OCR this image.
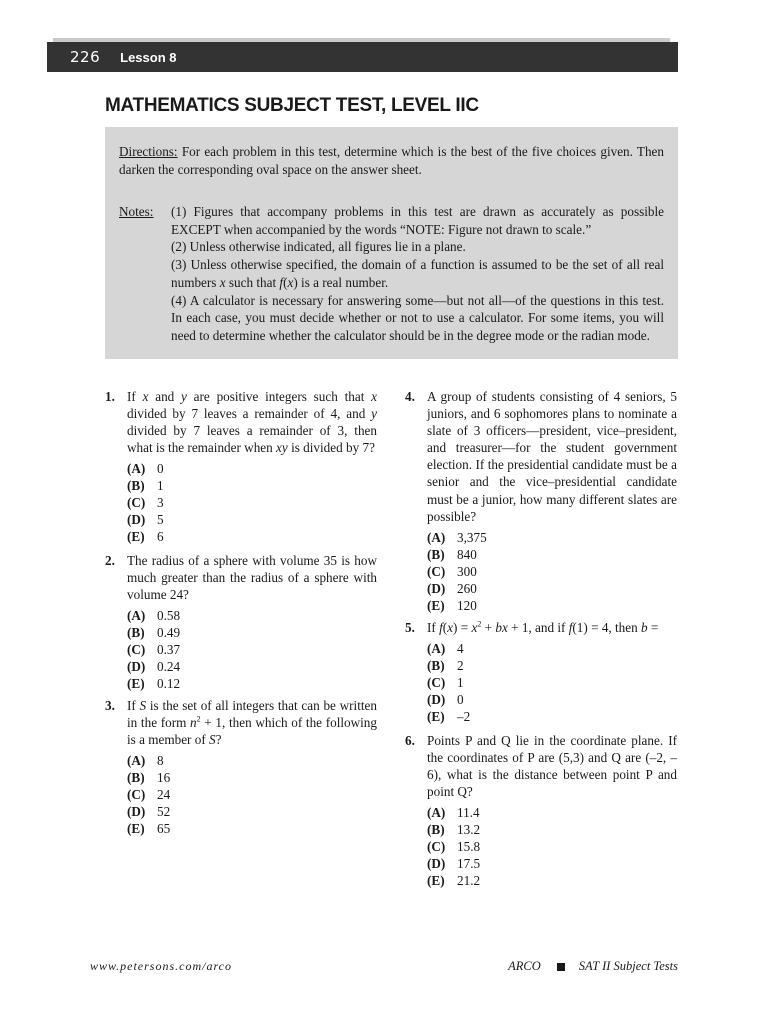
226 Lesson 8
MATHEMATICS SUBJECT TEST, LEVEL IIC
Directions: For each problem in this test, determine which is the best of the five choices given. Then darken the corresponding oval space on the answer sheet.
Notes: (1) Figures that accompany problems in this test are drawn as accurately as possible EXCEPT when accompanied by the words “NOTE: Figure not drawn to scale.”
(2) Unless otherwise indicated, all figures lie in a plane.
(3) Unless otherwise specified, the domain of a function is assumed to be the set of all real numbers x such that f(x) is a real number.
(4) A calculator is necessary for answering some—but not all—of the questions in this test. In each case, you must decide whether or not to use a calculator. For some items, you will need to determine whether the calculator should be in the degree mode or the radian mode.
1. If x and y are positive integers such that x divided by 7 leaves a remainder of 4, and y divided by 7 leaves a remainder of 3, then what is the remainder when xy is divided by 7?
(A) 0
(B) 1
(C) 3
(D) 5
(E) 6
2. The radius of a sphere with volume 35 is how much greater than the radius of a sphere with volume 24?
(A) 0.58
(B) 0.49
(C) 0.37
(D) 0.24
(E) 0.12
3. If S is the set of all integers that can be written in the form $n^2 + 1$, then which of the following is a member of S?
(A) 8
(B) 16
(C) 24
(D) 52
(E) 65
4. A group of students consisting of 4 seniors, 5 juniors, and 6 sophomores plans to nominate a slate of 3 officers—president, vice–president, and treasurer—for the student government election. If the presidential candidate must be a senior and the vice–presidential candidate must be a junior, how many different slates are possible?
(A) 3,375
(B) 840
(C) 300
(D) 260
(E) 120
5. If $f(x) = x^2$ + bx + 1, and if f(1) = 4, then b =
(A) 4
(B) 2
(C) 1
(D) 0
(E) –2
6. Points P and Q lie in the coordinate plane. If the coordinates of P are (5,3) and Q are (–2, –6), what is the distance between point P and point Q?
(A) 11.4
(B) 13.2
(C) 15.8
(D) 17.5
(E) 21.2
www.petersons.com/arco	ARCO	SAT II Subject Tests
